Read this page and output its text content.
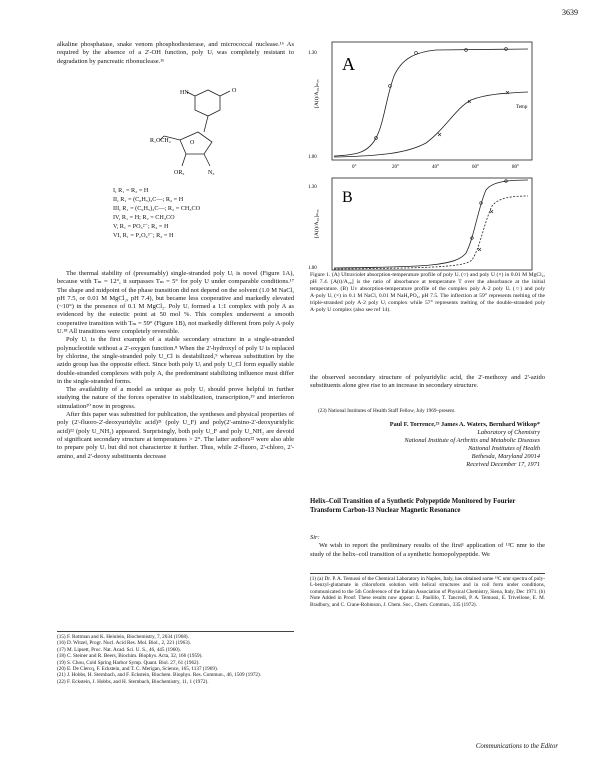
3639

alkaline phosphatase, snake venom phosphodiesterase, and micrococcal nuclease.¹⁶ As required by the absence of a 2'-OH function, poly Uᵢ was completely resistant to degradation by pancreatic ribonuclease.¹⁶

O
HN
R₁OCH₂
OR₂	N₃
O
I, R₁ = R₂ = H
II, R₁ = (C₆H₅)₃C—; R₂ = H
III, R₁ = (C₆H₅)₃C—; R₂ = CH₃CO
IV, R₁ = H; R₂ = CH₃CO
V, R₁ = PO₃²⁻; R₂ = H
VI, R₁ = P₂O₆³⁻; R₂ = H

The thermal stability of (presumably) single-stranded poly Uᵢ is novel (Figure 1A), because with Tₘ = 12°, it surpasses Tₘ = 5° for poly U under comparable conditions.¹⁷ The shape and midpoint of the phase transition did not depend on the solvent (1.0 M NaCl, pH 7.5, or 0.01 M MgCl₂, pH 7.4), but became less cooperative and markedly elevated (~10°) in the presence of 0.1 M MgCl₂. Poly Uᵢ formed a 1:1 complex with poly A as evidenced by the eutectic point at 50 mol %. This complex underwent a smooth cooperative transition with Tₘ = 59° (Figure 1B), not markedly different from poly A·poly U.¹⁸ All transitions were completely reversible.

Poly Uᵢ is the first example of a stable secondary structure in a single-stranded polynucleotide without a 2'-oxygen function.⁸ When the 2'-hydroxyl of poly U is replaced by chlorine, the single-stranded poly U_Cl is destabilized,⁹ whereas substitution by the azido group has the opposite effect. Since both poly Uᵢ and poly U_Cl form equally stable double-stranded complexes with poly A, the predominant stabilizing influence must differ in the single-stranded forms.

The availability of a model as unique as poly Uᵢ should prove helpful in further studying the nature of the forces operative in stabilization, transcription,¹⁹ and interferon stimulation²⁰ now in progress.

After this paper was submitted for publication, the syntheses and physical properties of poly (2'-fluoro-2'-deoxyuridylic acid)²¹ (poly U_F) and poly(2'-amino-2'-deoxyuridylic acid)²² (poly U_NH₂) appeared. Surprisingly, both poly U_F and poly U_NH₂ are devoid of significant secondary structure at temperatures > 2°. The latter authors²² were also able to prepare poly Uᵢ but did not characterize it further. Thus, while 2'-fluoro, 2'-chloro, 2'-amino, and 2'-deoxy substituents decrease

(15) F. Rottman and K. Heinlein, Biochemistry, 7, 2634 (1968).
(16) D. Witzel, Progr. Nucl. Acid Res. Mol. Biol., 2, 221 (1963).
(17) M. Lipsett, Proc. Nat. Acad. Sci. U. S., 46, 445 (1960).
(18) C. Steiner and R. Beers, Biochim. Biophys. Acta, 32, 166 (1959).
(19) S. Chou, Cold Spring Harbor Symp. Quant. Biol. 27, 61 (1962).
(20) E. De Clercq, F. Eckstein, and T. C. Merigan, Science, 165, 1137 (1969).
(21) J. Hobbs, H. Sternbach, and F. Eckstein, Biochem. Biophys. Res. Commun., 46, 1509 (1972).
(22) F. Eckstein, J. Hobbs, and H. Sternbach, Biochemistry, 11, 1 (1972).
A
[A(t)/A₂₀]ₘₐₓ
1.30
1.00
0°	20°	40°	60°	80°
B
[A(t)/A₂₀]ₘₐₓ
1.30
1.00
Temp
Figure 1. (A) Ultraviolet absorption-temperature profile of poly Uᵢ (○) and poly U (×) in 0.01 M MgCl₂, pH 7.4. [A(t)/A₂₀] is the ratio of absorbance at temperature T over the absorbance at the initial temperature. (B) Uv absorption-temperature profile of the complex poly A·2 poly Uᵢ (○) and poly A·poly Uᵢ (×) in 0.1 M NaCl, 0.01 M NaH₂PO₄, pH 7.5. The inflection at 59° represents melting of the triple-stranded poly A·2 poly Uᵢ complex while 57° represents melting of the double-stranded poly A·poly U complex (also see ref 14).

the observed secondary structure of polyuridylic acid, the 2'-methoxy and 2'-azido substituents alone give rise to an increase in secondary structure.

(23) National Institutes of Health Staff Fellow, July 1969–present.
Paul F. Torrence,²³ James A. Waters, Bernhard Witkop*
Laboratory of Chemistry
National Institute of Arthritis and Metabolic Diseases
National Institutes of Health
Bethesda, Maryland 20014
Received December 17, 1971
Helix–Coil Transition of a Synthetic Polypeptide Monitored by Fourier Transform Carbon-13 Nuclear Magnetic Resonance

Sir:

We wish to report the preliminary results of the first¹ application of ¹³C nmr to the study of the helix–coil transition of a synthetic homopolypeptide. We

(1) (a) Dr. P. A. Temussi of the Chemical Laboratory in Naples, Italy, has obtained some ¹³C nmr spectra of poly-L-benzyl-glutamate in chloroform solution with helical structures and in coil form under conditions, communicated to the 5th Conference of the Italian Association of Physical Chemistry, Siena, Italy, Dec 1971. (b) Note Added in Proof: These results now appear: L. Paolillo, T. Tancredi, P. A. Temussi, E. Trivellone, E. M. Bradbury, and C. Crane-Robinson, J. Chem. Soc., Chem. Commun., 335 (1972).
Communications to the Editor
